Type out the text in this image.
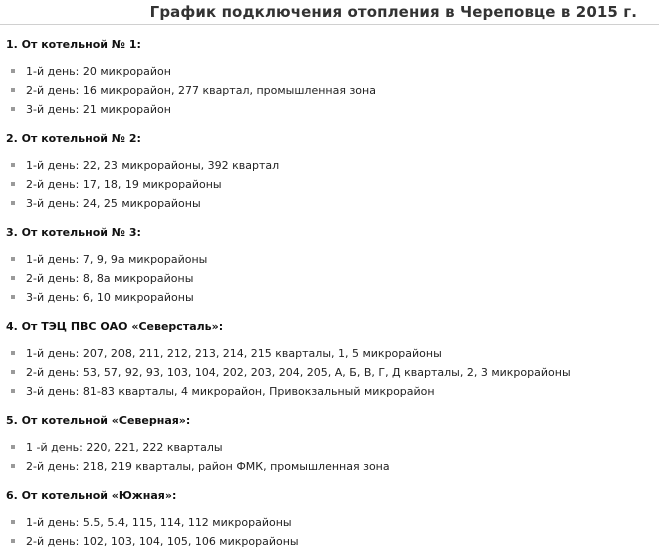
График подключения отопления в Череповце в 2015 г.

1. От котельной № 1:

1-й день: 20 микрорайон
2-й день: 16 микрорайон, 277 квартал, промышленная зона
3-й день: 21 микрорайон

2. От котельной № 2:

1-й день: 22, 23 микрорайоны, 392 квартал
2-й день: 17, 18, 19 микрорайоны
3-й день: 24, 25 микрорайоны

3. От котельной № 3:

1-й день: 7, 9, 9а микрорайоны
2-й день: 8, 8а микрорайоны
3-й день: 6, 10 микрорайоны

4. От ТЭЦ ПВС ОАО «Северсталь»:

1-й день: 207, 208, 211, 212, 213, 214, 215 кварталы, 1, 5 микрорайоны
2-й день: 53, 57, 92, 93, 103, 104, 202, 203, 204, 205, А, Б, В, Г, Д кварталы, 2, 3 микрорайоны
3-й день: 81-83 кварталы, 4 микрорайон, Привокзальный микрорайон

5. От котельной «Северная»:

1 -й день: 220, 221, 222 кварталы
2-й день: 218, 219 кварталы, район ФМК, промышленная зона

6. От котельной «Южная»:

1-й день: 5.5, 5.4, 115, 114, 112 микрорайоны
2-й день: 102, 103, 104, 105, 106 микрорайоны
